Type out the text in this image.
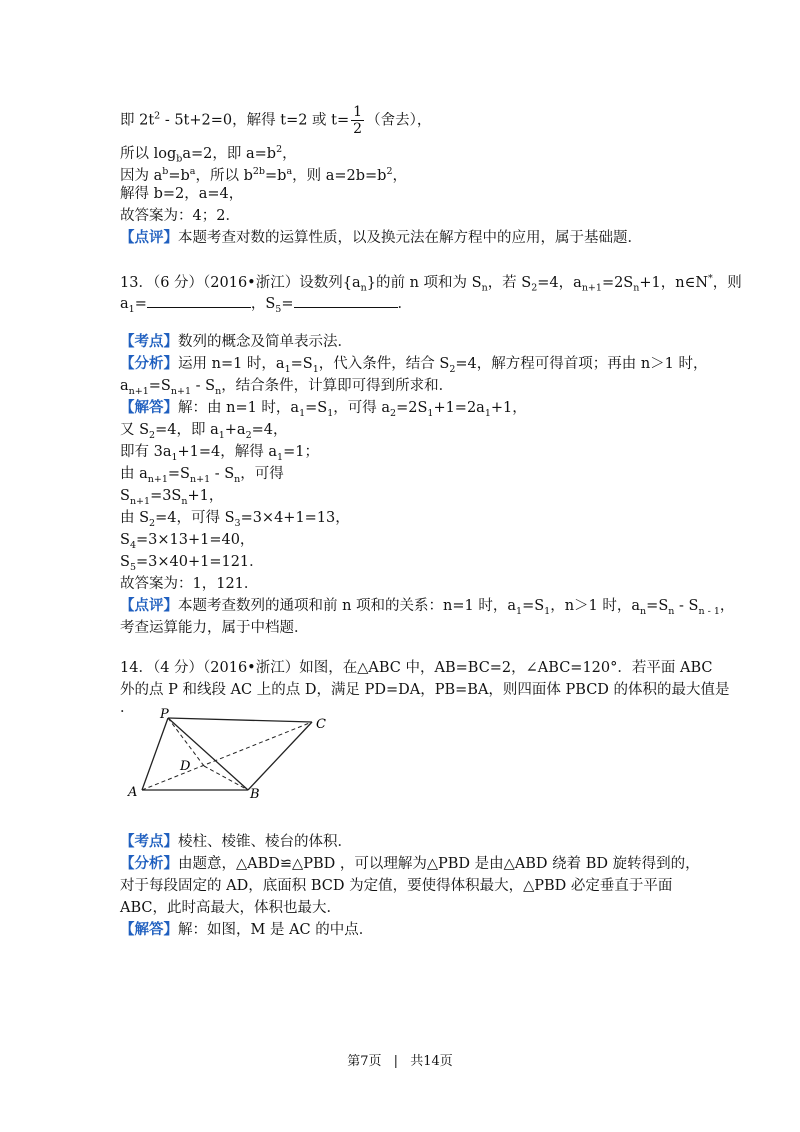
即 $2t^2 - 5t+2=0$，解得 t=2 或 $t= \frac{1}{2}$ （舍去），
所以 $\log_ba=2$，即 $a=b^2$，
因为 $a^b=b^a$，所以 $b^{2b}=b^a$，则 $a=2b=b^2$，
解得 b=2，a=4，
故答案为：4；2．
【点评】本题考查对数的运算性质，以及换元法在解方程中的应用，属于基础题．
13．（6 分）（2016•浙江）设数列$\{a_n\}$的前 n 项和为 $S_n$，若 $S_2=4$，$a_{n+1}=2S_n+1$，n∈N*，则
$a_1=$	，$S_5=$	．
【考点】数列的概念及简单表示法．
【分析】运用 n=1 时，$a_1=S_1$，代入条件，结合 $S_2=4$，解方程可得首项；再由 n＞1 时，
$a_{n+1}=S_{n+1} - S_n$，结合条件，计算即可得到所求和．
【解答】解：由 n=1 时，$a_1=S_1$，可得 $a_2=2S_1+1=2a_1+1$，
又 $S_2=4$，即 $a_1+a_2=4$，
即有 $3a_1+1=4$，解得 $a_1=1$；
由 $a_{n+1}=S_{n+1} - S_n$，可得
$S_{n+1}=3S_n+1$，
由 $S_2=4$，可得 $S_3=3\times 4+1=13$，
$S_4=3\times 13+1=40$，
$S_5=3\times 40+1=121$．
故答案为：1，121．
【点评】本题考查数列的通项和前 n 项和的关系：n=1 时，$a_1=S_1$，n＞1 时，$a_n=S_n - S_{n - 1}$，
考查运算能力，属于中档题．
14．（4 分）（2016•浙江）如图，在△ABC 中，AB=BC=2，∠ABC=120°．若平面 ABC
外的点 P 和线段 AC 上的点 D，满足 PD=DA，PB=BA，则四面体 PBCD 的体积的最大值是
． P
C
D
A	B
【考点】棱柱、棱锥、棱台的体积．
【分析】由题意，△ABD≌△PBD ，可以理解为△PBD 是由△ABD 绕着 BD 旋转得到的，
对于每段固定的 AD，底面积 BCD 为定值，要使得体积最大，△PBD 必定垂直于平面
ABC，此时高最大，体积也最大．
【解答】解：如图，M 是 AC 的中点．
第7页 | 共14页
